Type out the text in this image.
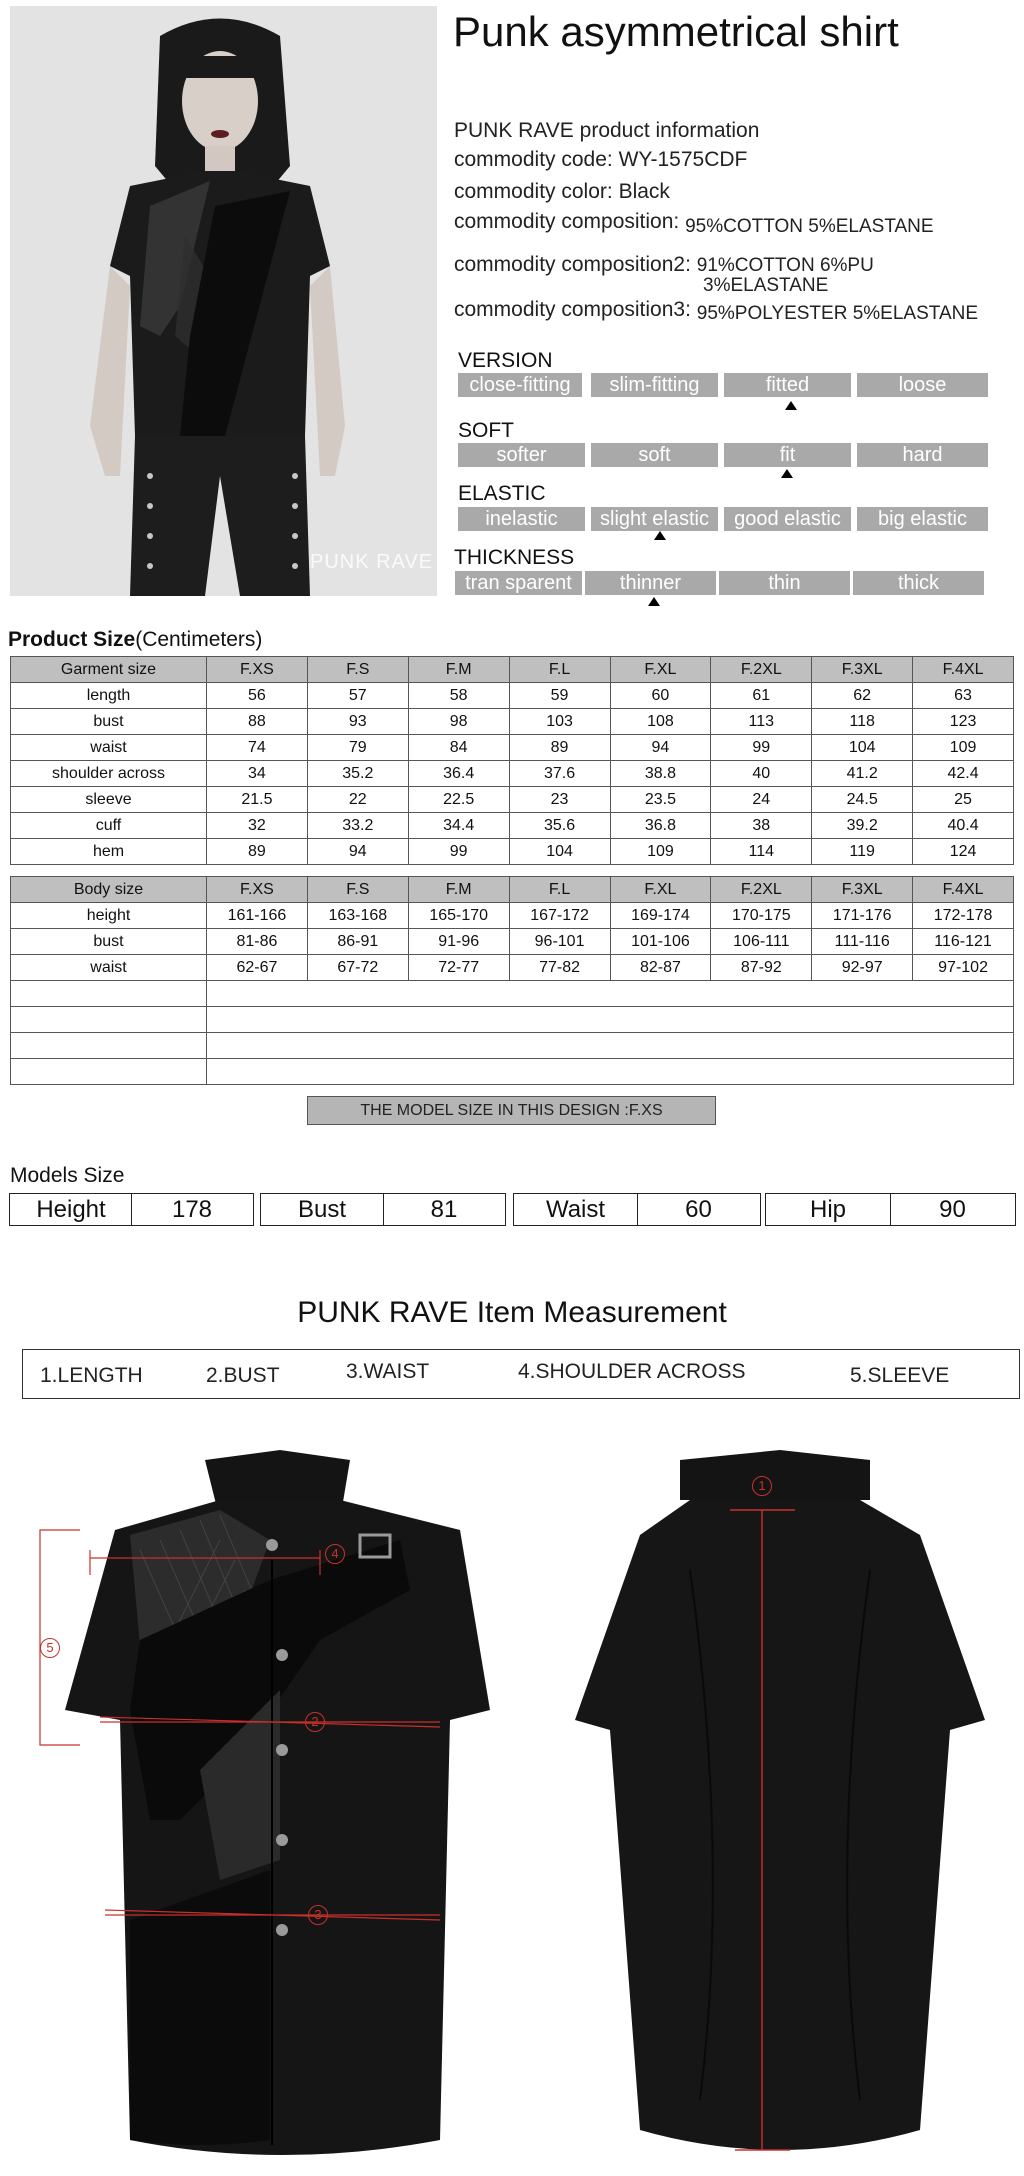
PUNK RAVE
Punk asymmetrical shirt
PUNK RAVE product information
commodity code: WY-1575CDF
commodity color: Black
commodity composition: 95%COTTON 5%ELASTANE
commodity composition2: 91%COTTON 6%PU
3%ELASTANE
commodity composition3: 95%POLYESTER 5%ELASTANE
VERSION
close-fitting	slim-fitting	fitted	loose
SOFT
softer	soft	fit	hard
ELASTIC
inelastic	slight elastic	good elastic	big elastic
THICKNESS
tran sparent	thinner	thin	thick
Product Size(Centimeters)
Garment size	F.XS	F.S	F.M	F.L	F.XL	F.2XL	F.3XL	F.4XL
length	56	57	58	59	60	61	62	63
bust	88	93	98	103	108	113	118	123
waist	74	79	84	89	94	99	104	109
shoulder across	34	35.2	36.4	37.6	38.8	40	41.2	42.4
sleeve	21.5	22	22.5	23	23.5	24	24.5	25
cuff	32	33.2	34.4	35.6	36.8	38	39.2	40.4
hem	89	94	99	104	109	114	119	124
Body size	F.XS	F.S	F.M	F.L	F.XL	F.2XL	F.3XL	F.4XL
height	161-166	163-168	165-170	167-172	169-174	170-175	171-176	172-178
bust	81-86	86-91	91-96	96-101	101-106	106-111	111-116	116-121
waist	62-67	67-72	72-77	77-82	82-87	87-92	92-97	97-102

THE MODEL SIZE IN THIS DESIGN :F.XS
Models Size
Height	178	Bust	81	Waist	60	Hip	90
PUNK RAVE Item Measurement
1.LENGTH	2.BUST	3.WAIST	4.SHOULDER ACROSS	5.SLEEVE
4
2
3
5
1
